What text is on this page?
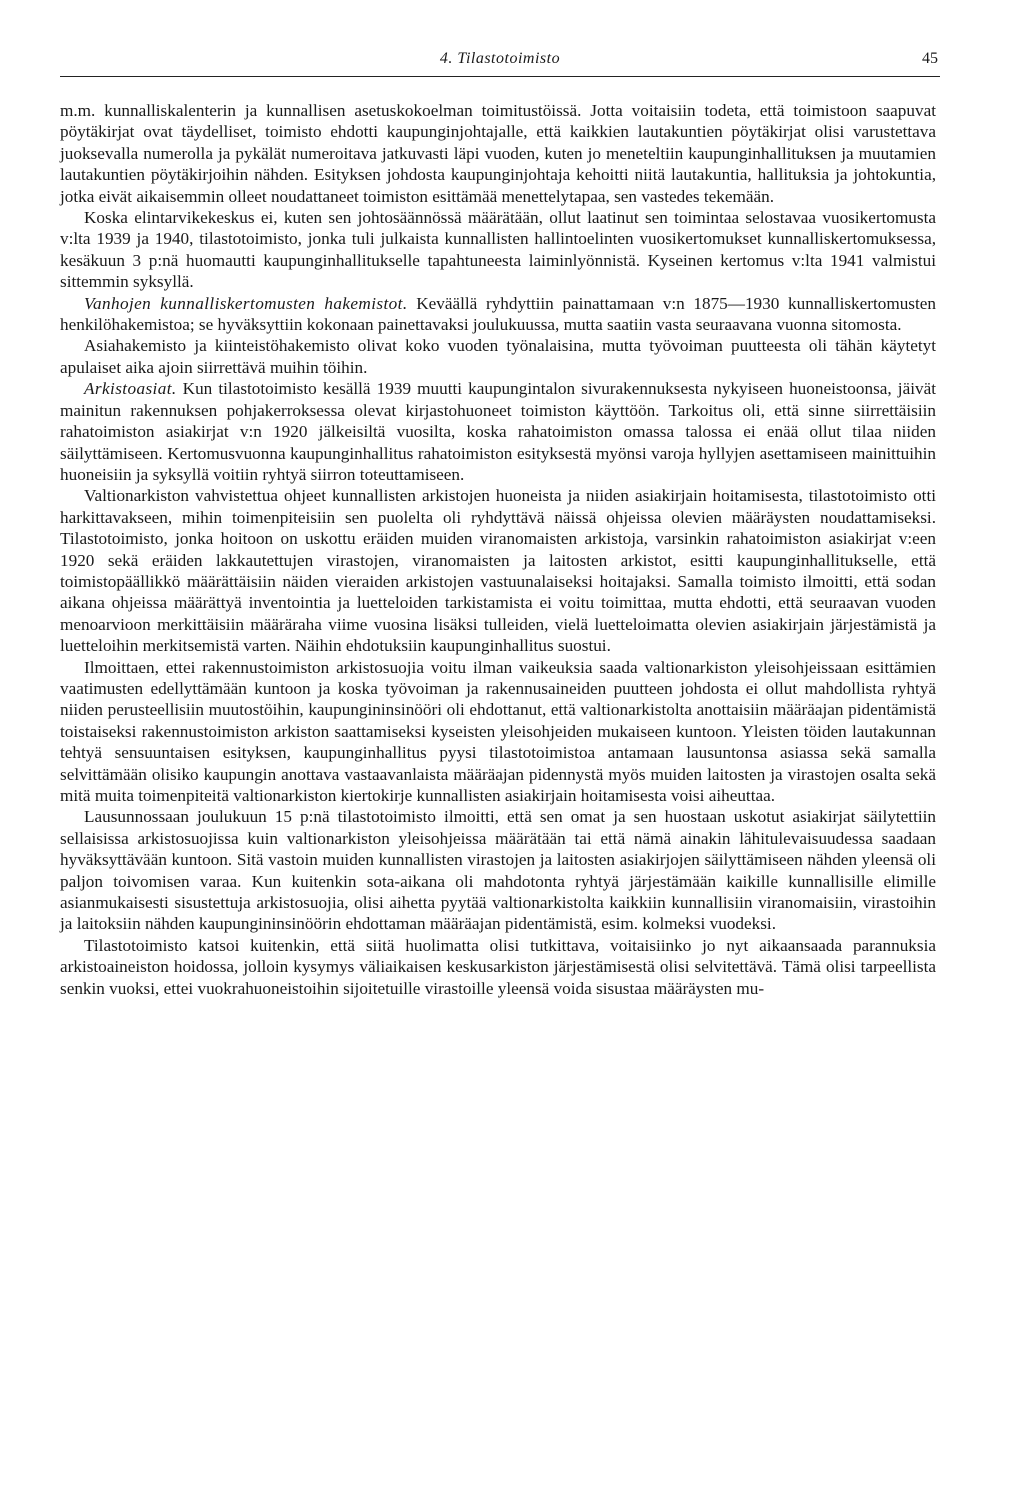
4. Tilastotoimisto	45

m.m. kunnalliskalenterin ja kunnallisen asetuskokoelman toimitustöissä. Jotta voitaisiin todeta, että toimistoon saapuvat pöytäkirjat ovat täydelliset, toimisto ehdotti kaupunginjohtajalle, että kaikkien lautakuntien pöytäkirjat olisi varustettava juoksevalla numerolla ja pykälät numeroitava jatkuvasti läpi vuoden, kuten jo meneteltiin kaupunginhallituksen ja muutamien lautakuntien pöytäkirjoihin nähden. Esityksen johdosta kaupunginjohtaja kehoitti niitä lautakuntia, hallituksia ja johtokuntia, jotka eivät aikaisemmin olleet noudattaneet toimiston esittämää menettelytapaa, sen vastedes tekemään.

Koska elintarvikekeskus ei, kuten sen johtosäännössä määrätään, ollut laatinut sen toimintaa selostavaa vuosikertomusta v:lta 1939 ja 1940, tilastotoimisto, jonka tuli julkaista kunnallisten hallintoelinten vuosikertomukset kunnalliskertomuksessa, kesäkuun 3 p:nä huomautti kaupunginhallitukselle tapahtuneesta laiminlyönnistä. Kyseinen kertomus v:lta 1941 valmistui sittemmin syksyllä.

Vanhojen kunnalliskertomusten hakemistot. Keväällä ryhdyttiin painattamaan v:n 1875—1930 kunnalliskertomusten henkilöhakemistoa; se hyväksyttiin kokonaan painettavaksi joulukuussa, mutta saatiin vasta seuraavana vuonna sitomosta.

Asiahakemisto ja kiinteistöhakemisto olivat koko vuoden työnalaisina, mutta työvoiman puutteesta oli tähän käytetyt apulaiset aika ajoin siirrettävä muihin töihin.

Arkistoasiat. Kun tilastotoimisto kesällä 1939 muutti kaupungintalon sivurakennuksesta nykyiseen huoneistoonsa, jäivät mainitun rakennuksen pohjakerroksessa olevat kirjastohuoneet toimiston käyttöön. Tarkoitus oli, että sinne siirrettäisiin rahatoimiston asiakirjat v:n 1920 jälkeisiltä vuosilta, koska rahatoimiston omassa talossa ei enää ollut tilaa niiden säilyttämiseen. Kertomusvuonna kaupunginhallitus rahatoimiston esityksestä myönsi varoja hyllyjen asettamiseen mainittuihin huoneisiin ja syksyllä voitiin ryhtyä siirron toteuttamiseen.

Valtionarkiston vahvistettua ohjeet kunnallisten arkistojen huoneista ja niiden asiakirjain hoitamisesta, tilastotoimisto otti harkittavakseen, mihin toimenpiteisiin sen puolelta oli ryhdyttävä näissä ohjeissa olevien määräysten noudattamiseksi. Tilastotoimisto, jonka hoitoon on uskottu eräiden muiden viranomaisten arkistoja, varsinkin rahatoimiston asiakirjat v:een 1920 sekä eräiden lakkautettujen virastojen, viranomaisten ja laitosten arkistot, esitti kaupunginhallitukselle, että toimistopäällikkö määrättäisiin näiden vieraiden arkistojen vastuunalaiseksi hoitajaksi. Samalla toimisto ilmoitti, että sodan aikana ohjeissa määrättyä inventointia ja luetteloiden tarkistamista ei voitu toimittaa, mutta ehdotti, että seuraavan vuoden menoarvioon merkittäisiin määräraha viime vuosina lisäksi tulleiden, vielä luetteloimatta olevien asiakirjain järjestämistä ja luetteloihin merkitsemistä varten. Näihin ehdotuksiin kaupunginhallitus suostui.

Ilmoittaen, ettei rakennustoimiston arkistosuojia voitu ilman vaikeuksia saada valtionarkiston yleisohjeissaan esittämien vaatimusten edellyttämään kuntoon ja koska työvoiman ja rakennusaineiden puutteen johdosta ei ollut mahdollista ryhtyä niiden perusteellisiin muutostöihin, kaupungininsinööri oli ehdottanut, että valtionarkistolta anottaisiin määräajan pidentämistä toistaiseksi rakennustoimiston arkiston saattamiseksi kyseisten yleisohjeiden mukaiseen kuntoon. Yleisten töiden lautakunnan tehtyä sensuuntaisen esityksen, kaupunginhallitus pyysi tilastotoimistoa antamaan lausuntonsa asiassa sekä samalla selvittämään olisiko kaupungin anottava vastaavanlaista määräajan pidennystä myös muiden laitosten ja virastojen osalta sekä mitä muita toimenpiteitä valtionarkiston kiertokirje kunnallisten asiakirjain hoitamisesta voisi aiheuttaa.

Lausunnossaan joulukuun 15 p:nä tilastotoimisto ilmoitti, että sen omat ja sen huostaan uskotut asiakirjat säilytettiin sellaisissa arkistosuojissa kuin valtionarkiston yleisohjeissa määrätään tai että nämä ainakin lähitulevaisuudessa saadaan hyväksyttävään kuntoon. Sitä vastoin muiden kunnallisten virastojen ja laitosten asiakirjojen säilyttämiseen nähden yleensä oli paljon toivomisen varaa. Kun kuitenkin sota-aikana oli mahdotonta ryhtyä järjestämään kaikille kunnallisille elimille asianmukaisesti sisustettuja arkistosuojia, olisi aihetta pyytää valtionarkistolta kaikkiin kunnallisiin viranomaisiin, virastoihin ja laitoksiin nähden kaupungininsinöörin ehdottaman määräajan pidentämistä, esim. kolmeksi vuodeksi.

Tilastotoimisto katsoi kuitenkin, että siitä huolimatta olisi tutkittava, voitaisiinko jo nyt aikaansaada parannuksia arkistoaineiston hoidossa, jolloin kysymys väliaikaisen keskusarkiston järjestämisestä olisi selvitettävä. Tämä olisi tarpeellista senkin vuoksi, ettei vuokrahuoneistoihin sijoitetuille virastoille yleensä voida sisustaa määräysten mu-
